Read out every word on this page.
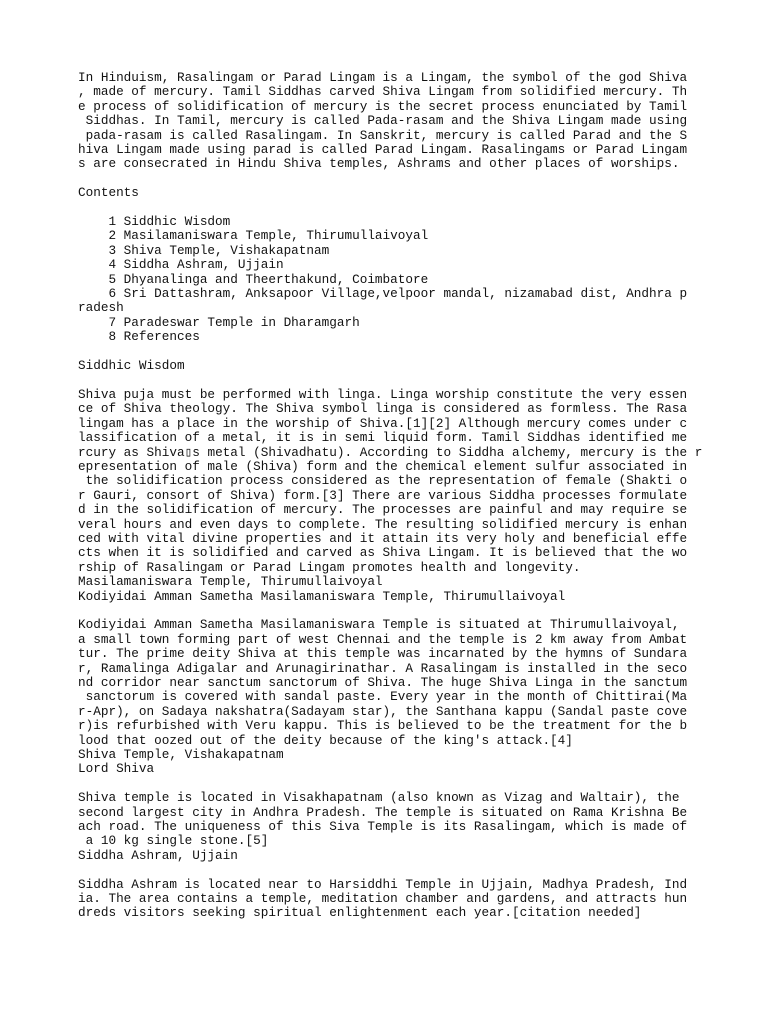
In Hinduism, Rasalingam or Parad Lingam is a Lingam, the symbol of the god Shiva
, made of mercury. Tamil Siddhas carved Shiva Lingam from solidified mercury. Th
e process of solidification of mercury is the secret process enunciated by Tamil
Siddhas. In Tamil, mercury is called Pada-rasam and the Shiva Lingam made using
pada-rasam is called Rasalingam. In Sanskrit, mercury is called Parad and the S
hiva Lingam made using parad is called Parad Lingam. Rasalingams or Parad Lingam
s are consecrated in Hindu Shiva temples, Ashrams and other places of worships.
Contents
1 Siddhic Wisdom
2 Masilamaniswara Temple, Thirumullaivoyal
3 Shiva Temple, Vishakapatnam
4 Siddha Ashram, Ujjain
5 Dhyanalinga and Theerthakund, Coimbatore
6 Sri Dattashram, Anksapoor Village,velpoor mandal, nizamabad dist, Andhra p
radesh
7 Paradeswar Temple in Dharamgarh
8 References
Siddhic Wisdom
Shiva puja must be performed with linga. Linga worship constitute the very essen
ce of Shiva theology. The Shiva symbol linga is considered as formless. The Rasa
lingam has a place in the worship of Shiva.[1][2] Although mercury comes under c
lassification of a metal, it is in semi liquid form. Tamil Siddhas identified me
rcury as Shiva▯s metal (Shivadhatu). According to Siddha alchemy, mercury is the r
epresentation of male (Shiva) form and the chemical element sulfur associated in
the solidification process considered as the representation of female (Shakti o
r Gauri, consort of Shiva) form.[3] There are various Siddha processes formulate
d in the solidification of mercury. The processes are painful and may require se
veral hours and even days to complete. The resulting solidified mercury is enhan
ced with vital divine properties and it attain its very holy and beneficial effe
cts when it is solidified and carved as Shiva Lingam. It is believed that the wo
rship of Rasalingam or Parad Lingam promotes health and longevity.
Masilamaniswara Temple, Thirumullaivoyal
Kodiyidai Amman Sametha Masilamaniswara Temple, Thirumullaivoyal
Kodiyidai Amman Sametha Masilamaniswara Temple is situated at Thirumullaivoyal,
a small town forming part of west Chennai and the temple is 2 km away from Ambat
tur. The prime deity Shiva at this temple was incarnated by the hymns of Sundara
r, Ramalinga Adigalar and Arunagirinathar. A Rasalingam is installed in the seco
nd corridor near sanctum sanctorum of Shiva. The huge Shiva Linga in the sanctum
sanctorum is covered with sandal paste. Every year in the month of Chittirai(Ma
r-Apr), on Sadaya nakshatra(Sadayam star), the Santhana kappu (Sandal paste cove
r)is refurbished with Veru kappu. This is believed to be the treatment for the b
lood that oozed out of the deity because of the king's attack.[4]
Shiva Temple, Vishakapatnam
Lord Shiva
Shiva temple is located in Visakhapatnam (also known as Vizag and Waltair), the
second largest city in Andhra Pradesh. The temple is situated on Rama Krishna Be
ach road. The uniqueness of this Siva Temple is its Rasalingam, which is made of
a 10 kg single stone.[5]
Siddha Ashram, Ujjain
Siddha Ashram is located near to Harsiddhi Temple in Ujjain, Madhya Pradesh, Ind
ia. The area contains a temple, meditation chamber and gardens, and attracts hun
dreds visitors seeking spiritual enlightenment each year.[citation needed]
